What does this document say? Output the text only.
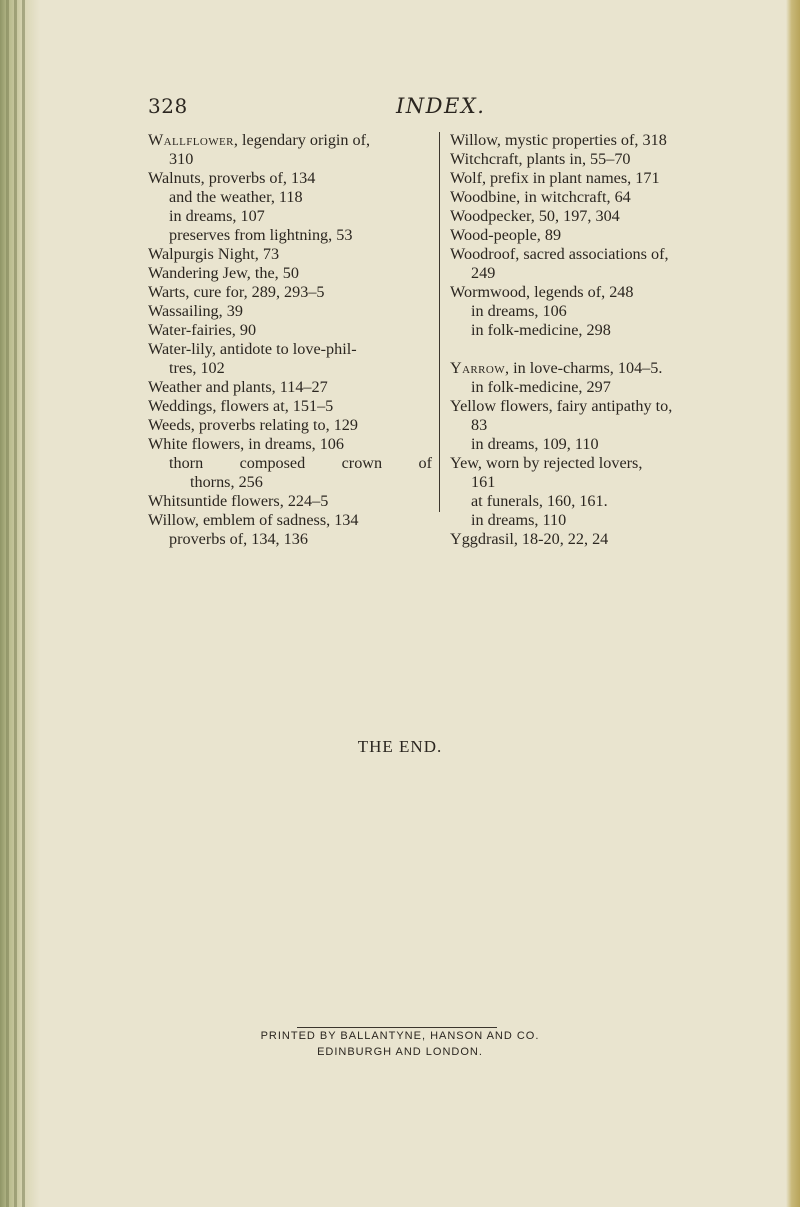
328	INDEX.
Wallflower, legendary origin of,
310
Walnuts, proverbs of, 134
and the weather, 118
in dreams, 107
preserves from lightning, 53
Walpurgis Night, 73
Wandering Jew, the, 50
Warts, cure for, 289, 293–5
Wassailing, 39
Water-fairies, 90
Water-lily, antidote to love-phil-
tres, 102
Weather and plants, 114–27
Weddings, flowers at, 151–5
Weeds, proverbs relating to, 129
White flowers, in dreams, 106
thorn composed crown of
thorns, 256
Whitsuntide flowers, 224–5
Willow, emblem of sadness, 134
proverbs of, 134, 136
Willow, mystic properties of, 318
Witchcraft, plants in, 55–70
Wolf, prefix in plant names, 171
Woodbine, in witchcraft, 64
Woodpecker, 50, 197, 304
Wood-people, 89
Woodroof, sacred associations of,
249
Wormwood, legends of, 248
in dreams, 106
in folk-medicine, 298
Yarrow, in love-charms, 104–5.
in folk-medicine, 297
Yellow flowers, fairy antipathy to,
83
in dreams, 109, 110
Yew, worn by rejected lovers,
161
at funerals, 160, 161.
in dreams, 110
Yggdrasil, 18-20, 22, 24
THE END.
PRINTED BY BALLANTYNE, HANSON AND CO.
EDINBURGH AND LONDON.
